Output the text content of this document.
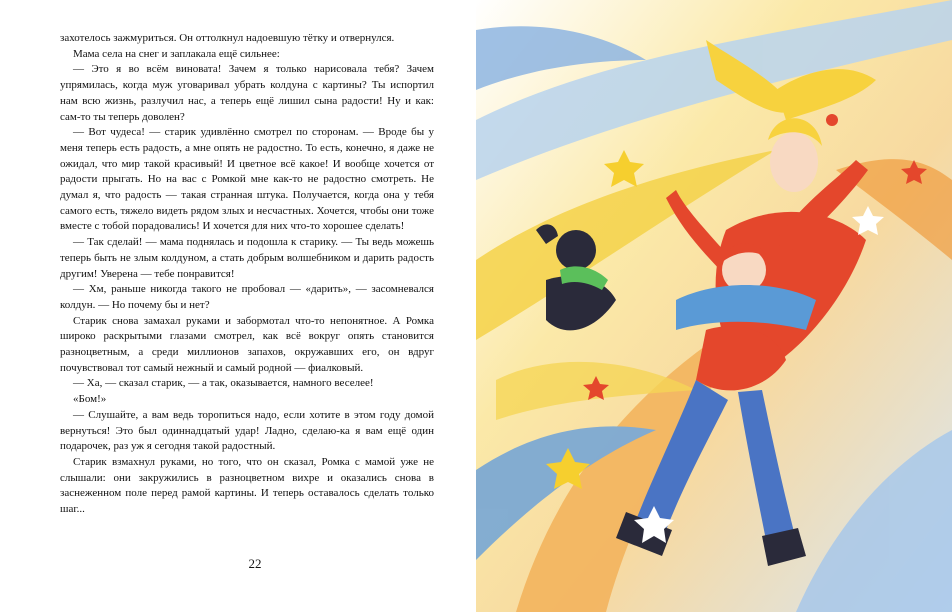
захотелось зажмуриться. Он оттолкнул надоевшую тётку и отвернулся.

Мама села на снег и заплакала ещё сильнее:

— Это я во всём виновата! Зачем я только нарисовала тебя? Зачем упрямилась, когда муж уговаривал убрать колдуна с картины? Ты испортил нам всю жизнь, разлучил нас, а теперь ещё лишил сына радости! Ну и как: сам-то ты теперь доволен?

— Вот чудеса! — старик удивлённо смотрел по сторонам. — Вроде бы у меня теперь есть радость, а мне опять не радостно. То есть, конечно, я даже не ожидал, что мир такой красивый! И цветное всё какое! И вообще хочется от радости прыгать. Но на вас с Ромкой мне как-то не радостно смотреть. Не думал я, что радость — такая странная штука. Получается, когда она у тебя самого есть, тяжело видеть рядом злых и несчастных. Хочется, чтобы они тоже вместе с тобой порадовались! И хочется для них что-то хорошее сделать!

— Так сделай! — мама поднялась и подошла к старику. — Ты ведь можешь теперь быть не злым колдуном, а стать добрым волшебником и дарить радость другим! Уверена — тебе понравится!

— Хм, раньше никогда такого не пробовал — «дарить», — засомневался колдун. — Но почему бы и нет?

Старик снова замахал руками и забормотал что-то непонятное. А Ромка широко раскрытыми глазами смотрел, как всё вокруг опять становится разноцветным, а среди миллионов запахов, окружавших его, он вдруг почувствовал тот самый нежный и самый родной — фиалковый.

— Ха, — сказал старик, — а так, оказывается, намного веселее!

«Бом!»

— Слушайте, а вам ведь торопиться надо, если хотите в этом году домой вернуться! Это был одиннадцатый удар! Ладно, сделаю-ка я вам ещё один подарочек, раз уж я сегодня такой радостный.

Старик взмахнул руками, но того, что он сказал, Ромка с мамой уже не слышали: они закружились в разноцветном вихре и оказались снова в заснеженном поле перед рамой картины. И теперь оставалось сделать только шаг...

22
